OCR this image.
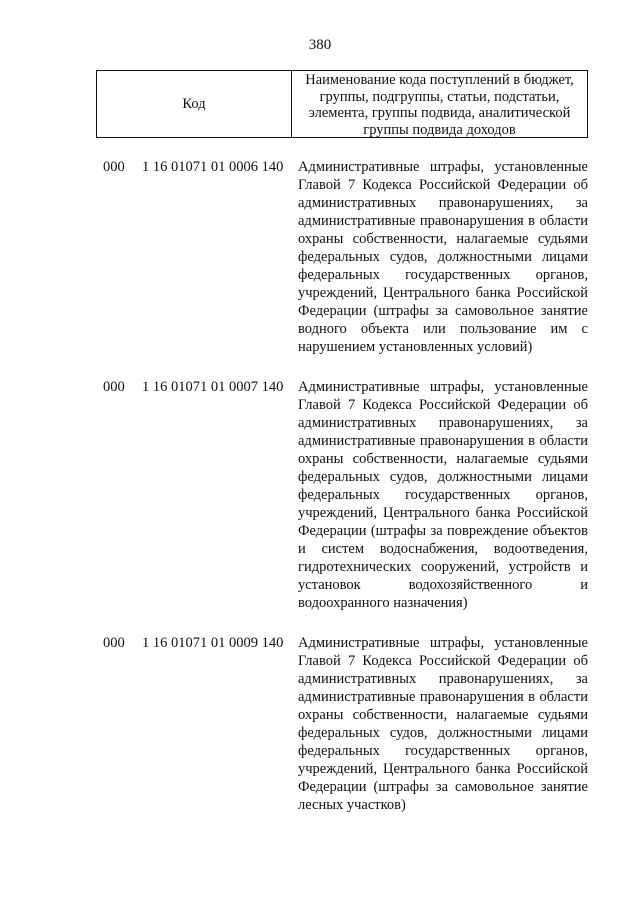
380
Код
Наименование кода поступлений в бюджет,
группы, подгруппы, статьи, подстатьи,
элемента, группы подвида, аналитической
группы подвида доходов
000 1 16 01071 01 0006 140 Административные штрафы, установленные
Главой 7 Кодекса Российской Федерации об
административных правонарушениях, за
административные правонарушения в области
охраны собственности, налагаемые судьями
федеральных судов, должностными лицами
федеральных государственных органов,
учреждений, Центрального банка Российской
Федерации (штрафы за самовольное занятие
водного объекта или пользование им с
нарушением установленных условий)
000 1 16 01071 01 0007 140 Административные штрафы, установленные
Главой 7 Кодекса Российской Федерации об
административных правонарушениях, за
административные правонарушения в области
охраны собственности, налагаемые судьями
федеральных судов, должностными лицами
федеральных государственных органов,
учреждений, Центрального банка Российской
Федерации (штрафы за повреждение объектов
и систем водоснабжения, водоотведения,
гидротехнических сооружений, устройств и
установок	водохозяйственного	и
водоохранного назначения)
000 1 16 01071 01 0009 140 Административные штрафы, установленные
Главой 7 Кодекса Российской Федерации об
административных правонарушениях, за
административные правонарушения в области
охраны собственности, налагаемые судьями
федеральных судов, должностными лицами
федеральных государственных органов,
учреждений, Центрального банка Российской
Федерации (штрафы за самовольное занятие
лесных участков)
